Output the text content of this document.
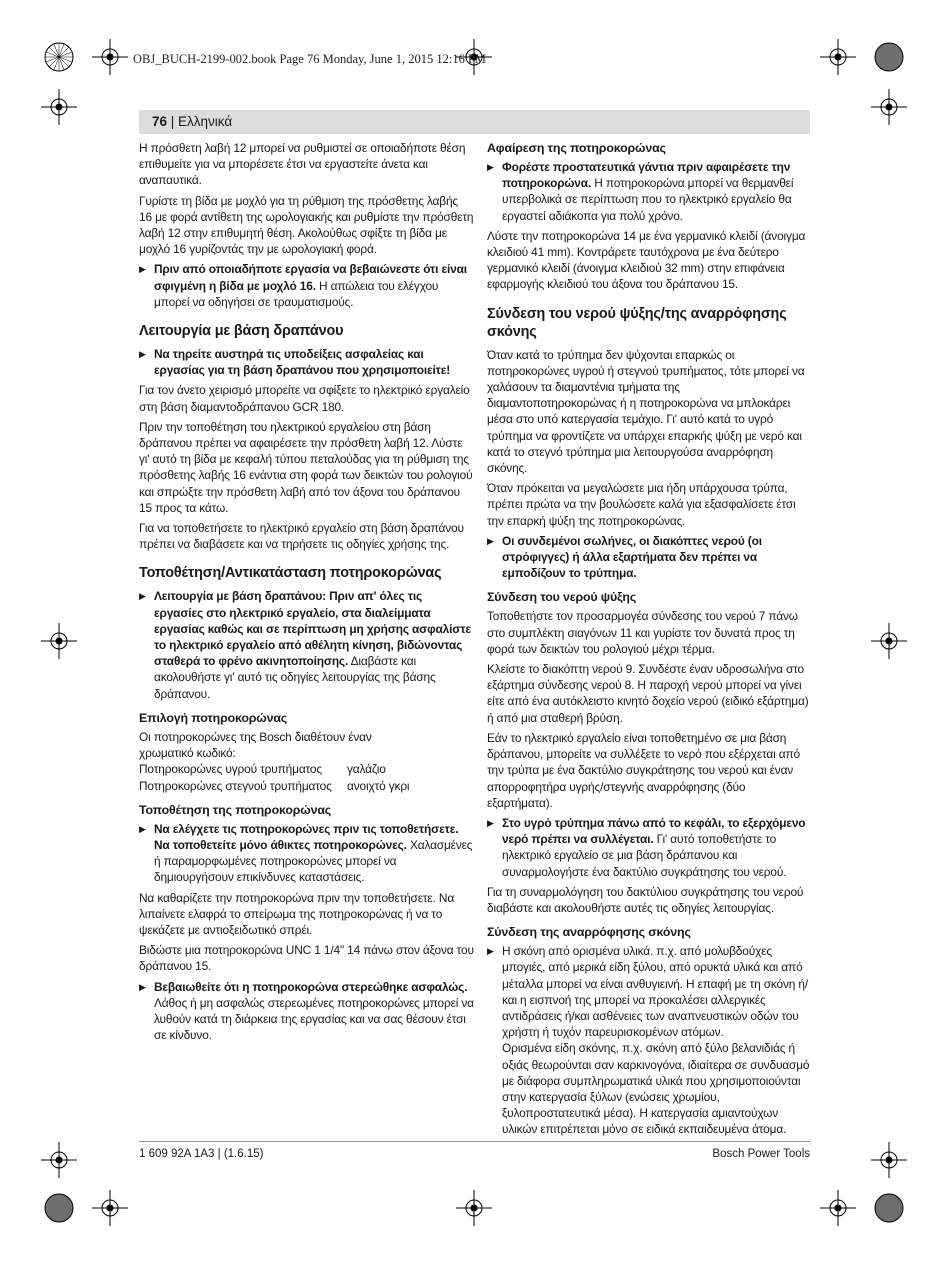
OBJ_BUCH-2199-002.book Page 76 Monday, June 1, 2015 12:16 PM
76 | Ελληνικά

Η πρόσθετη λαβή 12 μπορεί να ρυθμιστεί σε οποιαδήποτε θέση επιθυμείτε για να μπορέσετε έτσι να εργαστείτε άνετα και αναπαυτικά.

Γυρίστε τη βίδα με μοχλό για τη ρύθμιση της πρόσθετης λαβής 16 με φορά αντίθετη της ωρολογιακής και ρυθμίστε την πρόσθετη λαβή 12 στην επιθυμητή θέση. Ακολούθως σφίξτε τη βίδα με μοχλό 16 γυρίζοντάς την με ωρολογιακή φορά.

▶ Πριν από οποιαδήποτε εργασία να βεβαιώνεστε ότι είναι σφιγμένη η βίδα με μοχλό 16. Η απώλεια του ελέγχου μπορεί να οδηγήσει σε τραυματισμούς.
Λειτουργία με βάση δραπάνου
▶ Να τηρείτε αυστηρά τις υποδείξεις ασφαλείας και εργασίας για τη βάση δραπάνου που χρησιμοποιείτε!

Για τον άνετο χειρισμό μπορείτε να σφίξετε το ηλεκτρικό εργαλείο στη βάση διαμαντοδράπανου GCR 180.

Πριν την τοποθέτηση του ηλεκτρικού εργαλείου στη βάση δράπανου πρέπει να αφαιρέσετε την πρόσθετη λαβή 12. Λύστε γι' αυτό τη βίδα με κεφαλή τύπου πεταλούδας για τη ρύθμιση της πρόσθετης λαβής 16 ενάντια στη φορά των δεικτών του ρολογιού και σπρώξτε την πρόσθετη λαβή από τον άξονα του δράπανου 15 προς τα κάτω.

Για να τοποθετήσετε το ηλεκτρικό εργαλείο στη βάση δραπάνου πρέπει να διαβάσετε και να τηρήσετε τις οδηγίες χρήσης της.

Τοποθέτηση/Αντικατάσταση ποτηροκορώνας
▶ Λειτουργία με βάση δραπάνου: Πριν απ' όλες τις εργασίες στο ηλεκτρικό εργαλείο, στα διαλείμματα εργασίας καθώς και σε περίπτωση μη χρήσης ασφαλίστε το ηλεκτρικό εργαλείο από αθέλητη κίνηση, βιδώνοντας σταθερά το φρένο ακινητοποίησης. Διαβάστε και ακολουθήστε γι' αυτό τις οδηγίες λειτουργίας της βάσης δράπανου.
Επιλογή ποτηροκορώνας

Οι ποτηροκορώνες της Bosch διαθέτουν έναν χρωματικό κωδικό:

Ποτηροκορώνες υγρού τρυπήματος	γαλάζιο
Ποτηροκορώνες στεγνού τρυπήματος	ανοιχτό γκρι
Τοποθέτηση της ποτηροκορώνας
▶ Να ελέγχετε τις ποτηροκορώνες πριν τις τοποθετήσετε. Να τοποθετείτε μόνο άθικτες ποτηροκορώνες. Χαλασμένες ή παραμορφωμένες ποτηροκορώνες μπορεί να δημιουργήσουν επικίνδυνες καταστάσεις.

Να καθαρίζετε την ποτηροκορώνα πριν την τοποθετήσετε. Να λιπαίνετε ελαφρά το σπείρωμα της ποτηροκορώνας ή να το ψεκάζετε με αντιοξειδωτικό σπρέι.

Βιδώστε μια ποτηροκορώνα UNC 1 1/4" 14 πάνω στον άξονα του δράπανου 15.

▶ Βεβαιωθείτε ότι η ποτηροκορώνα στερεώθηκε ασφαλώς. Λάθος ή μη ασφαλώς στερεωμένες ποτηροκορώνες μπορεί να λυθούν κατά τη διάρκεια της εργασίας και να σας θέσουν έτσι σε κίνδυνο.
Αφαίρεση της ποτηροκορώνας
▶ Φορέστε προστατευτικά γάντια πριν αφαιρέσετε την ποτηροκορώνα. Η ποτηροκορώνα μπορεί να θερμανθεί υπερβολικά σε περίπτωση που το ηλεκτρικό εργαλείο θα εργαστεί αδιάκοπα για πολύ χρόνο.

Λύστε την ποτηροκορώνα 14 με ένα γερμανικό κλειδί (άνοιγμα κλειδιού 41 mm). Κοντράρετε ταυτόχρονα με ένα δεύτερο γερμανικό κλειδί (άνοιγμα κλειδιού 32 mm) στην επιφάνεια εφαρμογής κλειδιού του άξονα του δράπανου 15.

Σύνδεση του νερού ψύξης/της αναρρόφησης σκόνης

Όταν κατά το τρύπημα δεν ψύχονται επαρκώς οι ποτηροκορώνες υγρού ή στεγνού τρυπήματος, τότε μπορεί να χαλάσουν τα διαμαντένια τμήματα της διαμαντοποτηροκορώνας ή η ποτηροκορώνα να μπλοκάρει μέσα στο υπό κατεργασία τεμάχιο. Γι' αυτό κατά το υγρό τρύπημα να φροντίζετε να υπάρχει επαρκής ψύξη με νερό και κατά το στεγνό τρύπημα μια λειτουργούσα αναρρόφηση σκόνης.

Όταν πρόκειται να μεγαλώσετε μια ήδη υπάρχουσα τρύπα, πρέπει πρώτα να την βουλώσετε καλά για εξασφαλίσετε έτσι την επαρκή ψύξη της ποτηροκορώνας.

▶ Οι συνδεμένοι σωλήνες, οι διακόπτες νερού (οι στρόφιγγες) ή άλλα εξαρτήματα δεν πρέπει να εμποδίζουν το τρύπημα.
Σύνδεση του νερού ψύξης

Τοποθετήστε τον προσαρμογέα σύνδεσης του νερού 7 πάνω στο συμπλέκτη σιαγόνων 11 και γυρίστε τον δυνατά προς τη φορά των δεικτών του ρολογιού μέχρι τέρμα.

Κλείστε το διακόπτη νερού 9. Συνδέστε έναν υδροσωλήνα στο εξάρτημα σύνδεσης νερού 8. Η παροχή νερού μπορεί να γίνει είτε από ένα αυτόκλειστο κινητό δοχείο νερού (ειδικό εξάρτημα) ή από μια σταθερή βρύση.

Εάν το ηλεκτρικό εργαλείο είναι τοποθετημένο σε μια βάση δράπανου, μπορείτε να συλλέξετε το νερό που εξέρχεται από την τρύπα με ένα δακτύλιο συγκράτησης του νερού και έναν απορροφητήρα υγρής/στεγνής αναρρόφησης (δύο εξαρτήματα).

▶ Στο υγρό τρύπημα πάνω από το κεφάλι, το εξερχόμενο νερό πρέπει να συλλέγεται. Γι' αυτό τοποθετήστε το ηλεκτρικό εργαλείο σε μια βάση δράπανου και συναρμολογήστε ένα δακτύλιο συγκράτησης του νερού.

Για τη συναρμολόγηση του δακτύλιου συγκράτησης του νερού διαβάστε και ακολουθήστε αυτές τις οδηγίες λειτουργίας.

Σύνδεση της αναρρόφησης σκόνης
▶ Η σκόνη από ορισμένα υλικά. π.χ. από μολυβδούχες μπογιές, από μερικά είδη ξύλου, από ορυκτά υλικά και από μέταλλα μπορεί να είναι ανθυγιεινή. Η επαφή με τη σκόνη ή/και η εισπνοή της μπορεί να προκαλέσει αλλεργικές αντιδράσεις ή/και ασθένειες των αναπνευστικών οδών του χρήστη ή τυχόν παρευρισκομένων ατόμων.
Ορισμένα είδη σκόνης, π.χ. σκόνη από ξύλο βελανιδιάς ή οξιάς θεωρούνται σαν καρκινογόνα, ιδιαίτερα σε συνδυασμό με διάφορα συμπληρωματικά υλικά που χρησιμοποιούνται στην κατεργασία ξύλων (ενώσεις χρωμίου, ξυλοπροστατευτικά μέσα). Η κατεργασία αμιαντούχων υλικών επιτρέπεται μόνο σε ειδικά εκπαιδευμένα άτομα.
1 609 92A 1A3 | (1.6.15)	Bosch Power Tools
